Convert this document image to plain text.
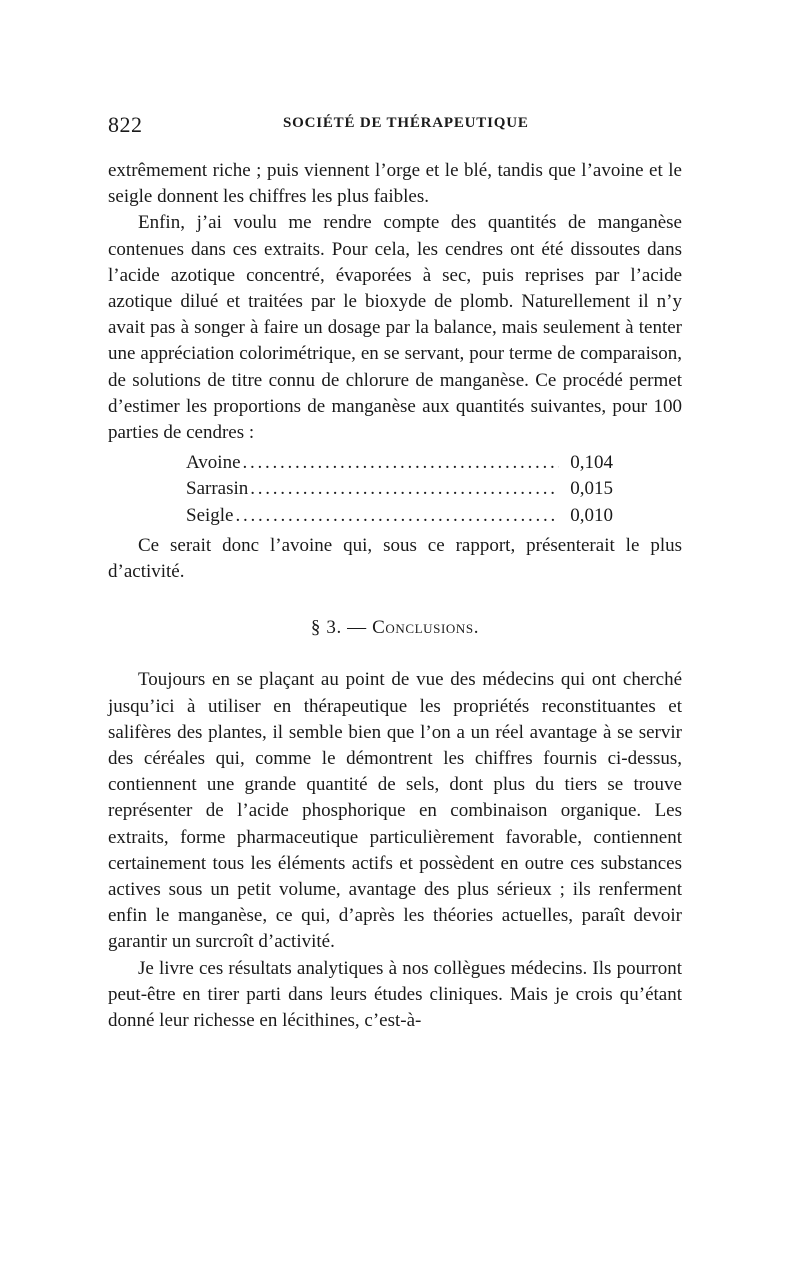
822	SOCIÉTÉ DE THÉRAPEUTIQUE

extrêmement riche ; puis viennent l’orge et le blé, tandis que l’avoine et le seigle donnent les chiffres les plus faibles.

Enfin, j’ai voulu me rendre compte des quantités de manganèse contenues dans ces extraits. Pour cela, les cendres ont été dissoutes dans l’acide azotique concentré, évaporées à sec, puis reprises par l’acide azotique dilué et traitées par le bioxyde de plomb. Naturellement il n’y avait pas à songer à faire un dosage par la balance, mais seulement à tenter une appréciation colorimétrique, en se servant, pour terme de comparaison, de solutions de titre connu de chlorure de manganèse. Ce procédé permet d’estimer les proportions de manganèse aux quantités suivantes, pour 100 parties de cendres :

Avoine . . .	0,104
Sarrasin . . .	0,015
Seigle . . .	0,010

Ce serait donc l’avoine qui, sous ce rapport, présenterait le plus d’activité.

§ 3. — Conclusions.

Toujours en se plaçant au point de vue des médecins qui ont cherché jusqu’ici à utiliser en thérapeutique les propriétés reconstituantes et salifères des plantes, il semble bien que l’on a un réel avantage à se servir des céréales qui, comme le démontrent les chiffres fournis ci-dessus, contiennent une grande quantité de sels, dont plus du tiers se trouve représenter de l’acide phosphorique en combinaison organique. Les extraits, forme pharmaceutique particulièrement favorable, contiennent certainement tous les éléments actifs et possèdent en outre ces substances actives sous un petit volume, avantage des plus sérieux ; ils renferment enfin le manganèse, ce qui, d’après les théories actuelles, paraît devoir garantir un surcroît d’activité.

Je livre ces résultats analytiques à nos collègues médecins. Ils pourront peut-être en tirer parti dans leurs études cliniques. Mais je crois qu’étant donné leur richesse en lécithines, c’est-à-
